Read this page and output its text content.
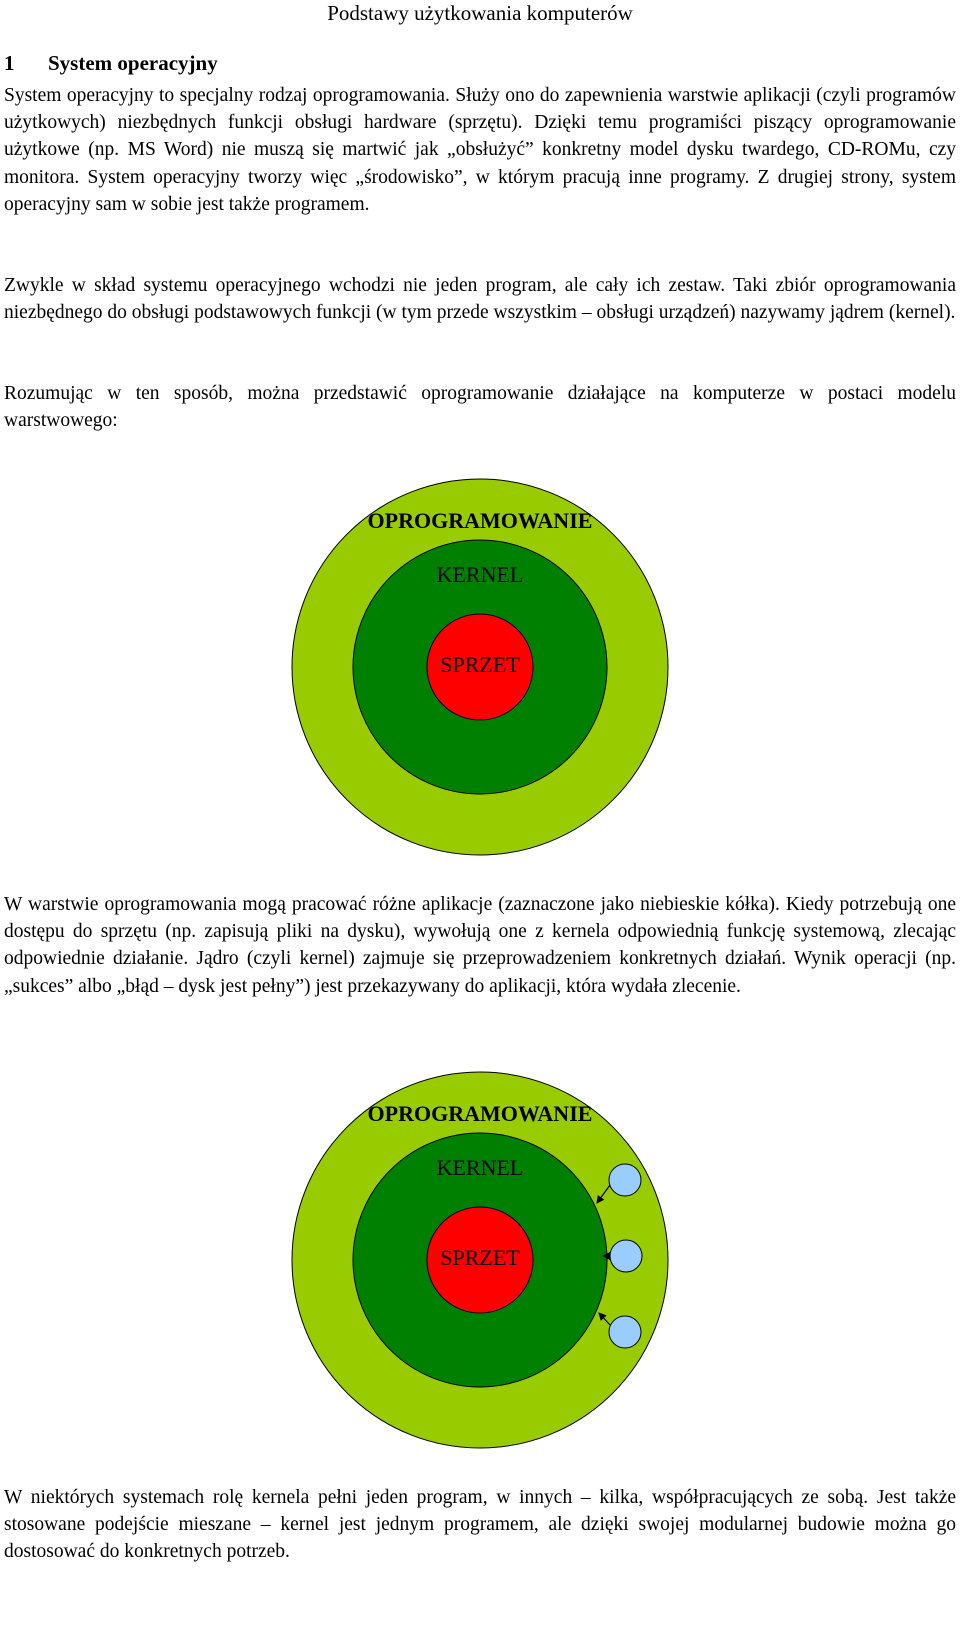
Podstawy użytkowania komputerów
1 System operacyjny

System operacyjny to specjalny rodzaj oprogramowania. Służy ono do zapewnienia warstwie aplikacji (czyli programów użytkowych) niezbędnych funkcji obsługi hardware (sprzętu). Dzięki temu programiści piszący oprogramowanie użytkowe (np. MS Word) nie muszą się martwić jak „obsłużyć” konkretny model dysku twardego, CD-ROMu, czy monitora. System operacyjny tworzy więc „środowisko”, w którym pracują inne programy. Z drugiej strony, system operacyjny sam w sobie jest także programem.

Zwykle w skład systemu operacyjnego wchodzi nie jeden program, ale cały ich zestaw. Taki zbiór oprogramowania niezbędnego do obsługi podstawowych funkcji (w tym przede wszystkim – obsługi urządzeń) nazywamy jądrem (kernel).

Rozumując w ten sposób, można przedstawić oprogramowanie działające na komputerze w postaci modelu warstwowego:

OPROGRAMOWANIE
KERNEL
SPRZET

W warstwie oprogramowania mogą pracować różne aplikacje (zaznaczone jako niebieskie kółka). Kiedy potrzebują one dostępu do sprzętu (np. zapisują pliki na dysku), wywołują one z kernela odpowiednią funkcję systemową, zlecając odpowiednie działanie. Jądro (czyli kernel) zajmuje się przeprowadzeniem konkretnych działań. Wynik operacji (np. „sukces” albo „błąd – dysk jest pełny”) jest przekazywany do aplikacji, która wydała zlecenie.

OPROGRAMOWANIE
KERNEL
SPRZET

W niektórych systemach rolę kernela pełni jeden program, w innych – kilka, współpracujących ze sobą. Jest także stosowane podejście mieszane – kernel jest jednym programem, ale dzięki swojej modularnej budowie można go dostosować do konkretnych potrzeb.
